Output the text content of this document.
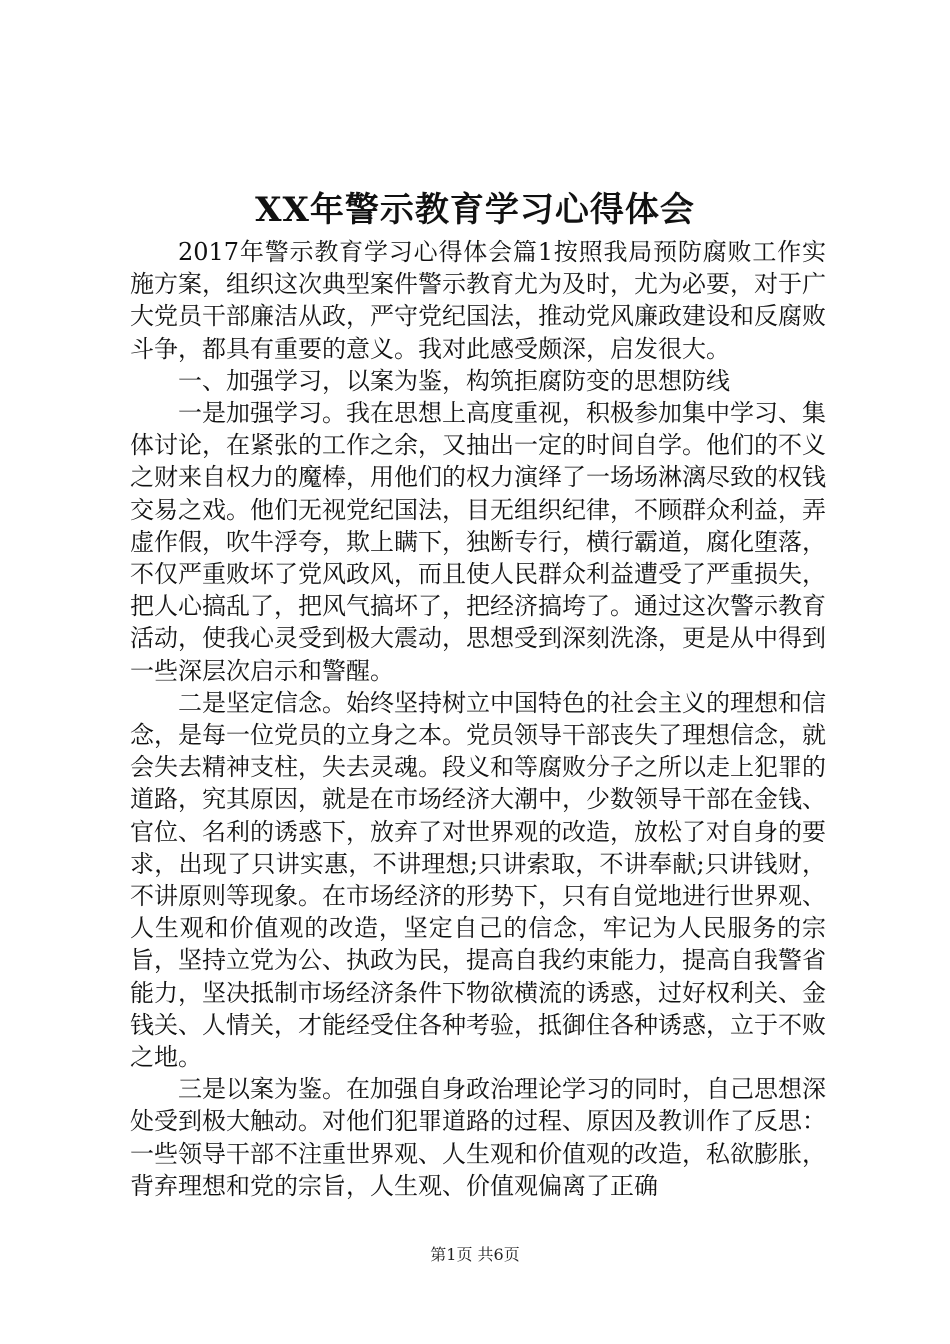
XX年警示教育学习心得体会

2017年警示教育学习心得体会篇1按照我局预防腐败工作实施方案，组织这次典型案件警示教育尤为及时，尤为必要，对于广大党员干部廉洁从政，严守党纪国法，推动党风廉政建设和反腐败斗争，都具有重要的意义。我对此感受颇深，启发很大。

一、加强学习，以案为鉴，构筑拒腐防变的思想防线

一是加强学习。我在思想上高度重视，积极参加集中学习、集体讨论，在紧张的工作之余，又抽出一定的时间自学。他们的不义之财来自权力的魔棒，用他们的权力演绎了一场场淋漓尽致的权钱交易之戏。他们无视党纪国法，目无组织纪律，不顾群众利益，弄虚作假，吹牛浮夸，欺上瞒下，独断专行，横行霸道，腐化堕落，不仅严重败坏了党风政风，而且使人民群众利益遭受了严重损失，把人心搞乱了，把风气搞坏了，把经济搞垮了。通过这次警示教育活动，使我心灵受到极大震动，思想受到深刻洗涤，更是从中得到一些深层次启示和警醒。

二是坚定信念。始终坚持树立中国特色的社会主义的理想和信念，是每一位党员的立身之本。党员领导干部丧失了理想信念，就会失去精神支柱，失去灵魂。段义和等腐败分子之所以走上犯罪的道路，究其原因，就是在市场经济大潮中，少数领导干部在金钱、官位、名利的诱惑下，放弃了对世界观的改造，放松了对自身的要求，出现了只讲实惠，不讲理想;只讲索取，不讲奉献;只讲钱财，不讲原则等现象。在市场经济的形势下，只有自觉地进行世界观、人生观和价值观的改造，坚定自己的信念，牢记为人民服务的宗旨，坚持立党为公、执政为民，提高自我约束能力，提高自我警省能力，坚决抵制市场经济条件下物欲横流的诱惑，过好权利关、金钱关、人情关，才能经受住各种考验，抵御住各种诱惑，立于不败之地。

三是以案为鉴。在加强自身政治理论学习的同时，自己思想深处受到极大触动。对他们犯罪道路的过程、原因及教训作了反思：一些领导干部不注重世界观、人生观和价值观的改造，私欲膨胀，背弃理想和党的宗旨，人生观、价值观偏离了正确

第1页 共6页
